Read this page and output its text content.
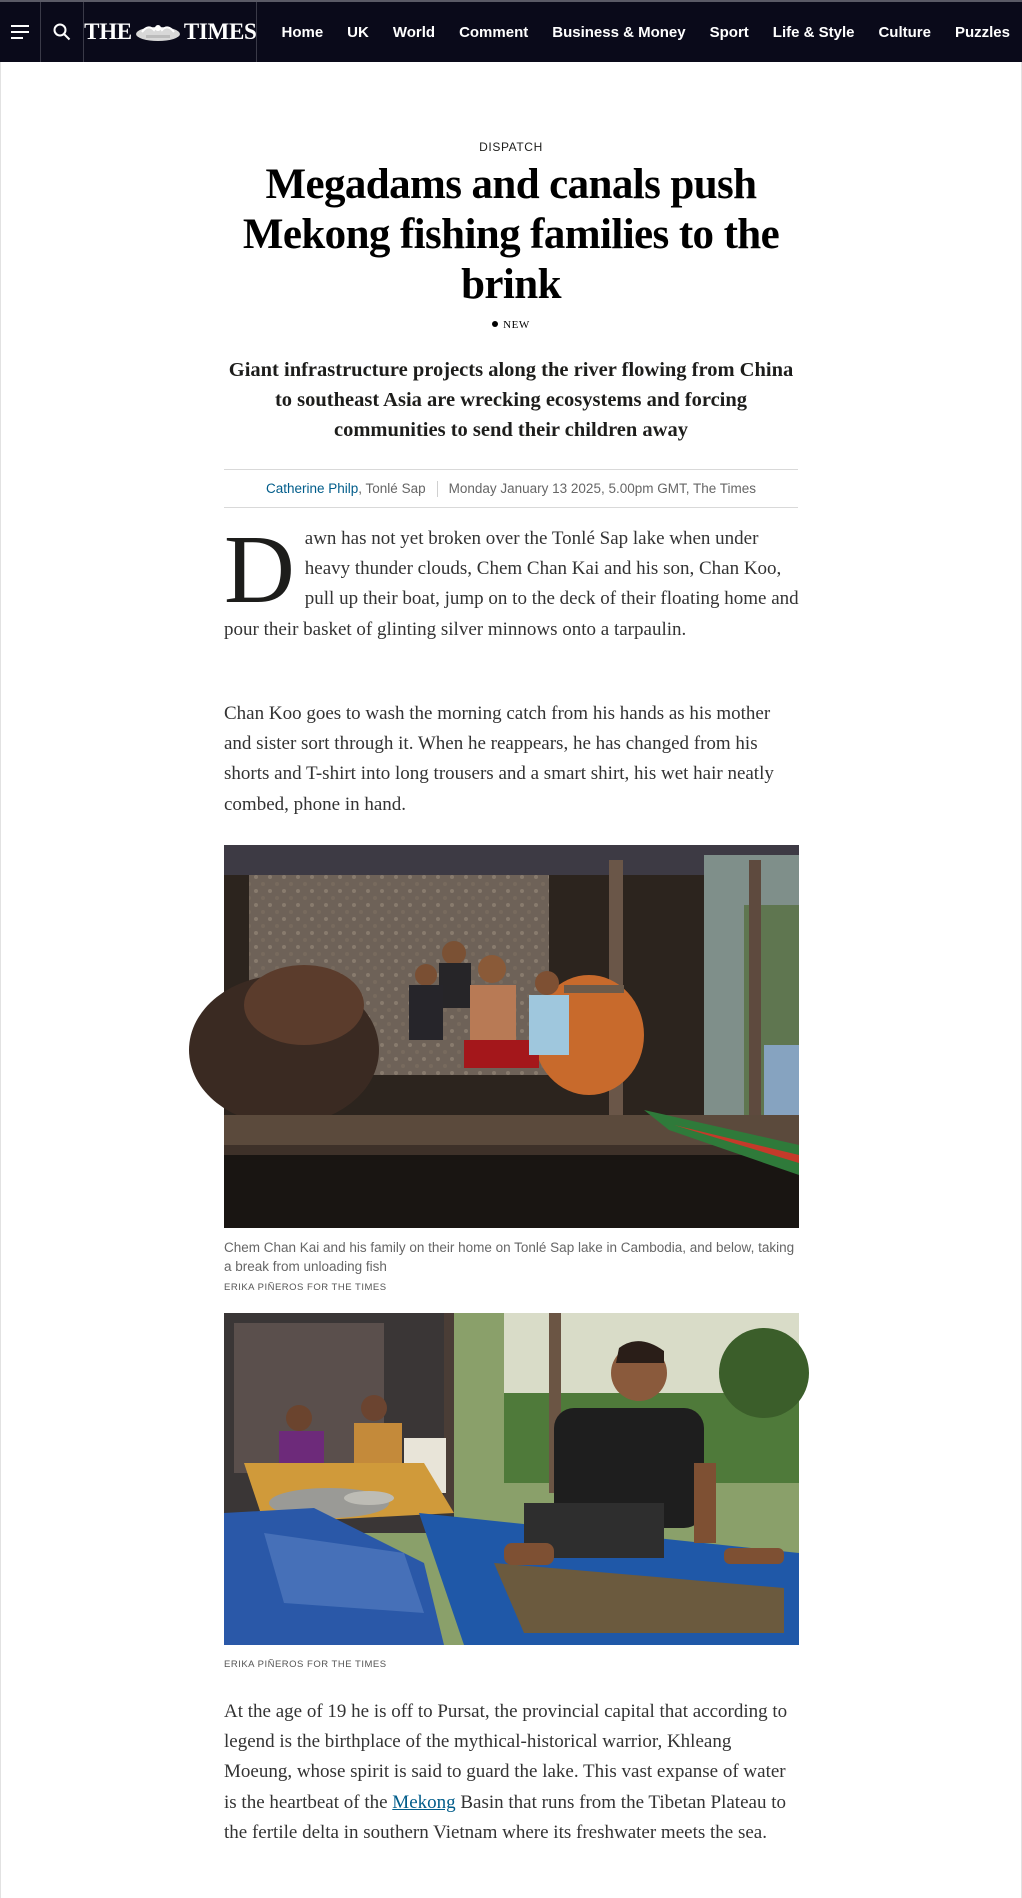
THE TIMES Home UK World Comment Business & Money Sport Life & Style Culture Puzzles
DISPATCH
Megadams and canals push Mekong fishing families to the brink
NEW

Giant infrastructure projects along the river flowing from China to southeast Asia are wrecking ecosystems and forcing communities to send their children away

Catherine Philp , Tonlé Sap Monday January 13 2025, 5.00pm GMT, The Times
Dawn has not yet broken over the Tonlé Sap lake when under heavy thunder clouds, Chem Chan Kai and his son, Chan Koo, pull up their boat, jump on to the deck of their floating home and pour their basket of glinting silver minnows onto a tarpaulin.

Chan Koo goes to wash the morning catch from his hands as his mother and sister sort through it. When he reappears, he has changed from his shorts and T-shirt into long trousers and a smart shirt, his wet hair neatly combed, phone in hand.

Chem Chan Kai and his family on their home on Tonlé Sap lake in Cambodia, and below, taking a break from unloading fish

ERIKA PIÑEROS FOR THE TIMES
ERIKA PIÑEROS FOR THE TIMES

At the age of 19 he is off to Pursat, the provincial capital that according to legend is the birthplace of the mythical-historical warrior, Khleang Moeung, whose spirit is said to guard the lake. This vast expanse of water is the heartbeat of the Mekong Basin that runs from the Tibetan Plateau to the fertile delta in southern Vietnam where its freshwater meets the sea.
